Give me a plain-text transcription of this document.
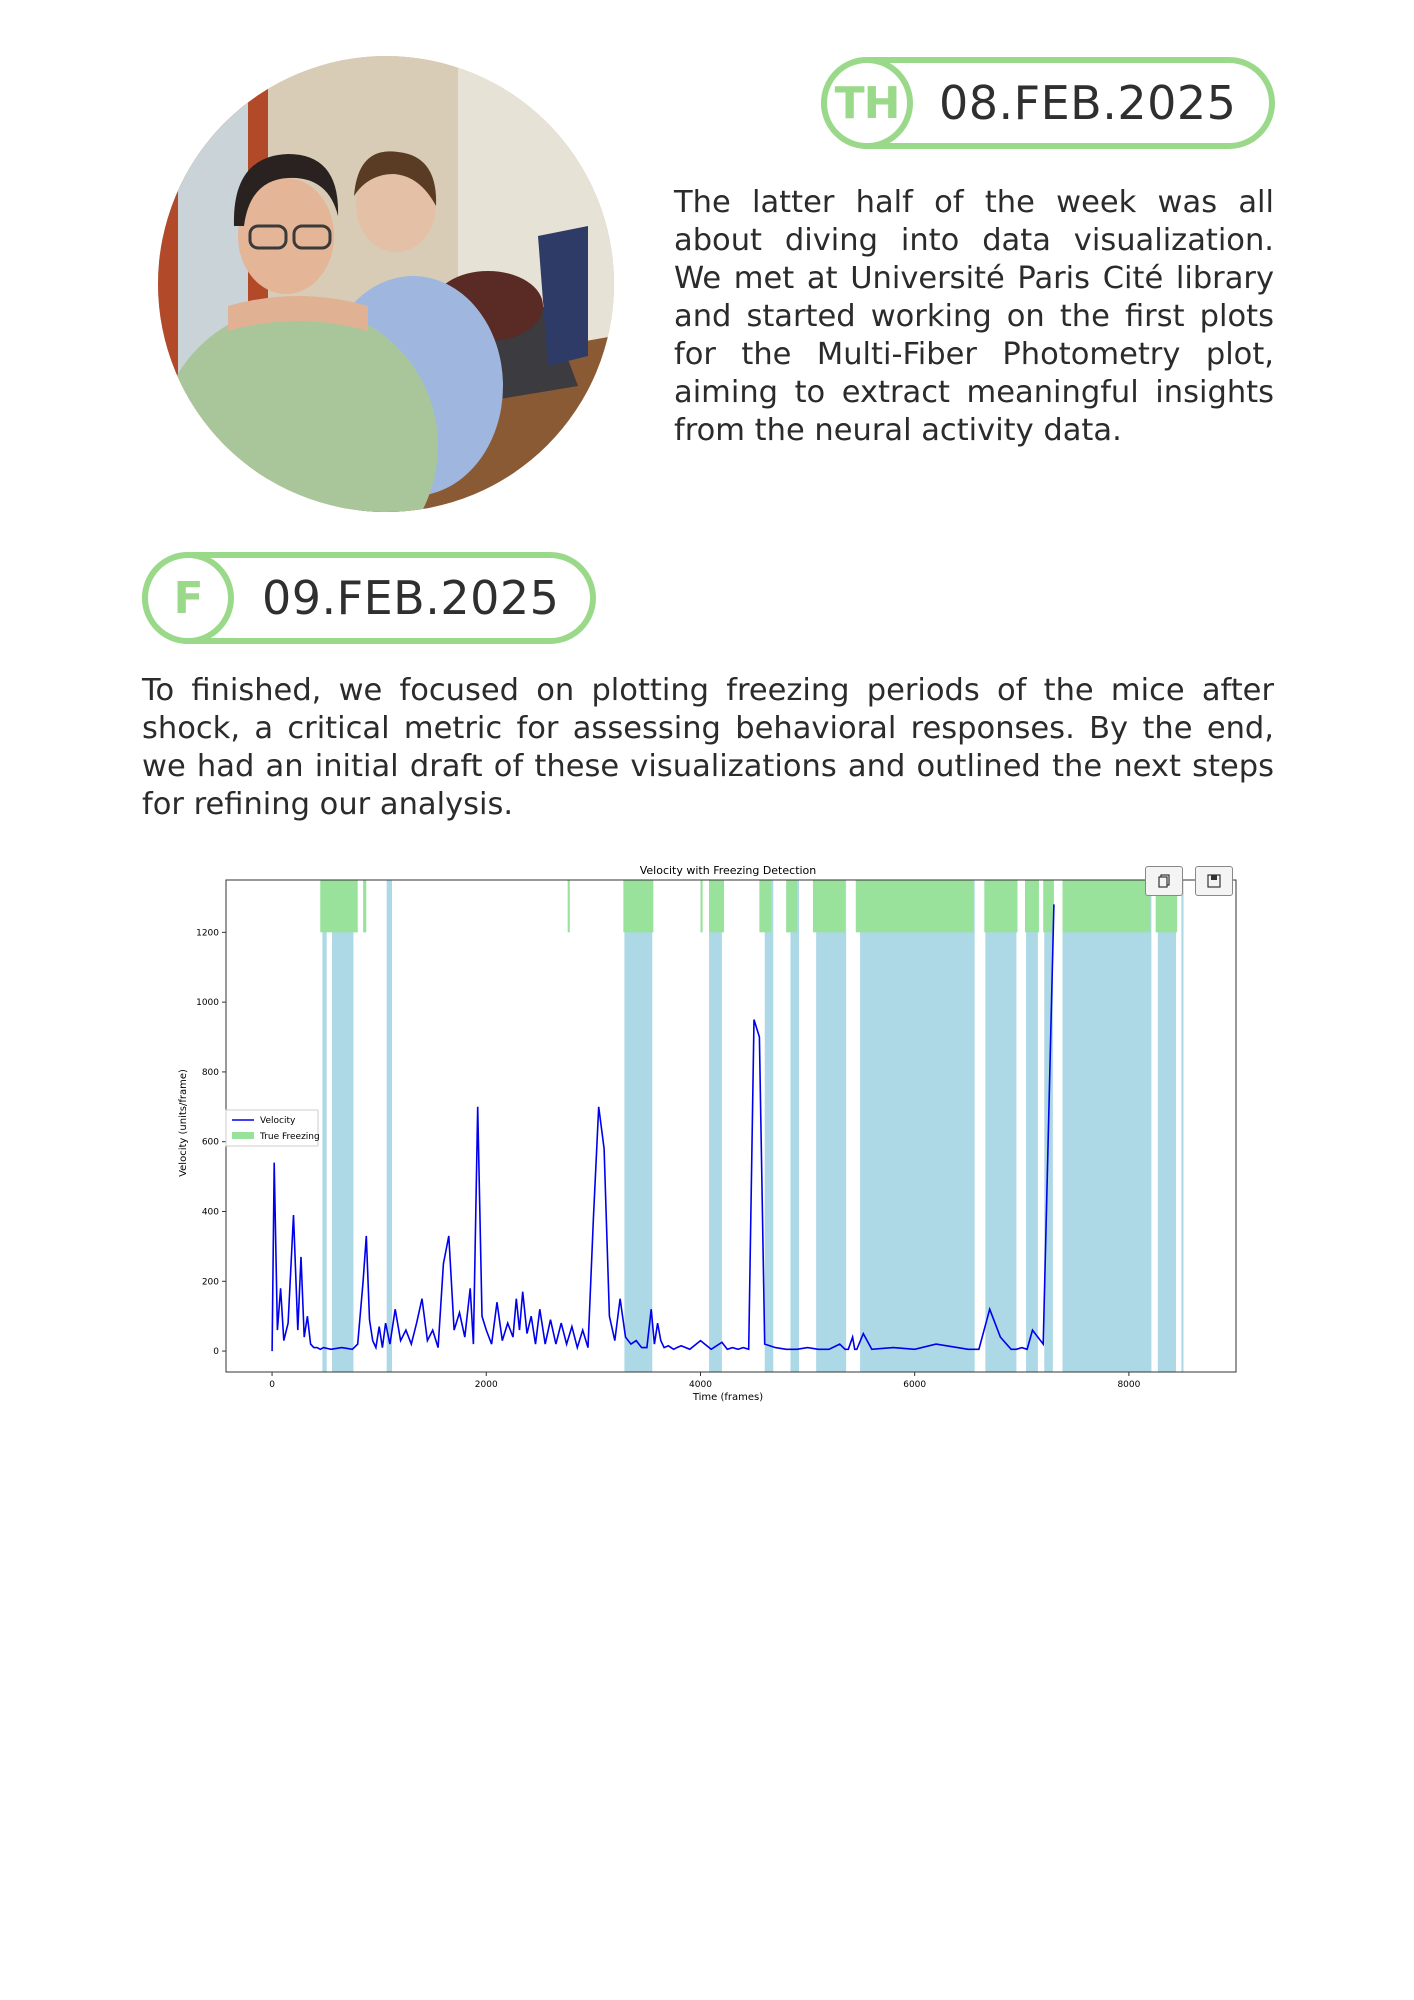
TH 08.FEB.2025

The latter half of the week was all about diving into data visualization. We met at Université Paris Cité library and started working on the first plots for the Multi-Fiber Photometry plot, aiming to extract meaningful insights from the neural activity data.

F	09.FEB.2025

To finished, we focused on plotting freezing periods of the mice after shock, a critical metric for assessing behavioral responses. By the end, we had an initial draft of these visualizations and outlined the next steps for refining our analysis.

Velocity with Freezing Detection
0	2000	4000	6000	8000
0
200
400
600
800
1000
1200
Time (frames)
Velocity (units/frame)	Velocity
True Freezing
